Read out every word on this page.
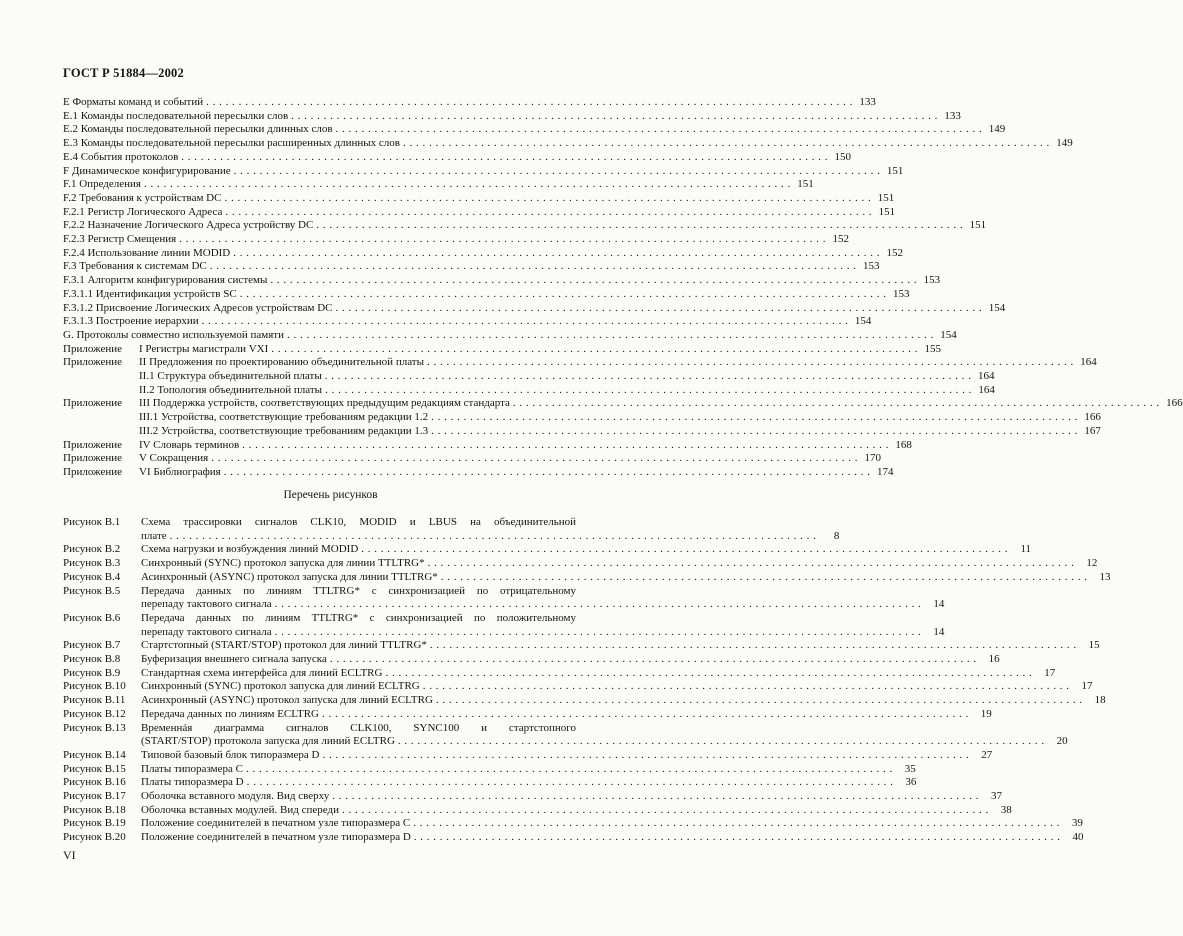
ГОСТ Р 51884—2002
E Форматы команд и событий . .	133
E.1 Команды последовательной пересылки слов . .	133
E.2 Команды последовательной пересылки длинных слов . .	149
E.3 Команды последовательной пересылки расширенных длинных слов . .	149
E.4 События протоколов . .	150
F Динамическое конфигурирование . .	151
F.1 Определения . .	151
F.2 Требования к устройствам DC . .	151
F.2.1 Регистр Логического Адреса . .	151
F.2.2 Назначение Логического Адреса устройству DC . .	151
F.2.3 Регистр Смещения . .	152
F.2.4 Использование линии MODID . .	152
F.3 Требования к системам DC . .	153
F.3.1 Алгоритм конфигурирования системы . .	153
F.3.1.1 Идентификация устройств SC . .	153
F.3.1.2 Присвоение Логических Адресов устройствам DC . .	154
F.3.1.3 Построение иерархии . .	154
G. Протоколы совместно используемой памяти . .	154
Приложение	I Регистры магистрали VXI . .	155
Приложение	II Предложения по проектированию объединительной платы . .	164
II.1 Структура объединительной платы . .	164
II.2 Топология объединительной платы . .	164
Приложение	III Поддержка устройств, соответствующих предыдущим редакциям стандарта . .	166
III.1 Устройства, соответствующие требованиям редакции 1.2 . .	166
III.2 Устройства, соответствующие требованиям редакции 1.3 . .	167
Приложение	IV Словарь терминов . .	168
Приложение	V Сокращения . .	170
Приложение	VI Библиография . .	174
Перечень рисунков
Рисунок B.1	Схема трассировки сигналов CLK10, MODID и LBUS на объединительной
плате . .	8
Рисунок B.2	Схема нагрузки и возбуждения линий MODID . .	11
Рисунок B.3	Синхронный (SYNC) протокол запуска для линии TTLTRG* . .	12
Рисунок B.4	Асинхронный (ASYNC) протокол запуска для линии TTLTRG* . .	13
Рисунок B.5	Передача данных по линиям TTLTRG* с синхронизацией по отрицательному
перепаду тактового сигнала . .	14
Рисунок B.6	Передача данных по линиям TTLTRG* с синхронизацией по положительному
перепаду тактового сигнала . .	14
Рисунок B.7	Стартстопный (START/STOP) протокол для линий TTLTRG* . .	15
Рисунок B.8	Буферизация внешнего сигнала запуска . .	16
Рисунок B.9	Стандартная схема интерфейса для линий ECLTRG . .	17
Рисунок B.10	Синхронный (SYNC) протокол запуска для линий ECLTRG . .	17
Рисунок B.11	Асинхронный (ASYNC) протокол запуска для линий ECLTRG . .	18
Рисунок B.12	Передача данных по линиям ECLTRG . .	19
Рисунок B.13	Временнáя диаграмма сигналов CLK100, SYNC100 и стартстопного
(START/STOP) протокола запуска для линий ECLTRG . .	20
Рисунок B.14	Типовой базовый блок типоразмера D . .	27
Рисунок B.15	Платы типоразмера C . .	35
Рисунок B.16	Платы типоразмера D . .	36
Рисунок B.17	Оболочка вставного модуля. Вид сверху . .	37
Рисунок B.18	Оболочка вставных модулей. Вид спереди . .	38
Рисунок B.19	Положение соединителей в печатном узле типоразмера C . .	39
Рисунок B.20	Положение соединителей в печатном узле типоразмера D . .	40
VI
